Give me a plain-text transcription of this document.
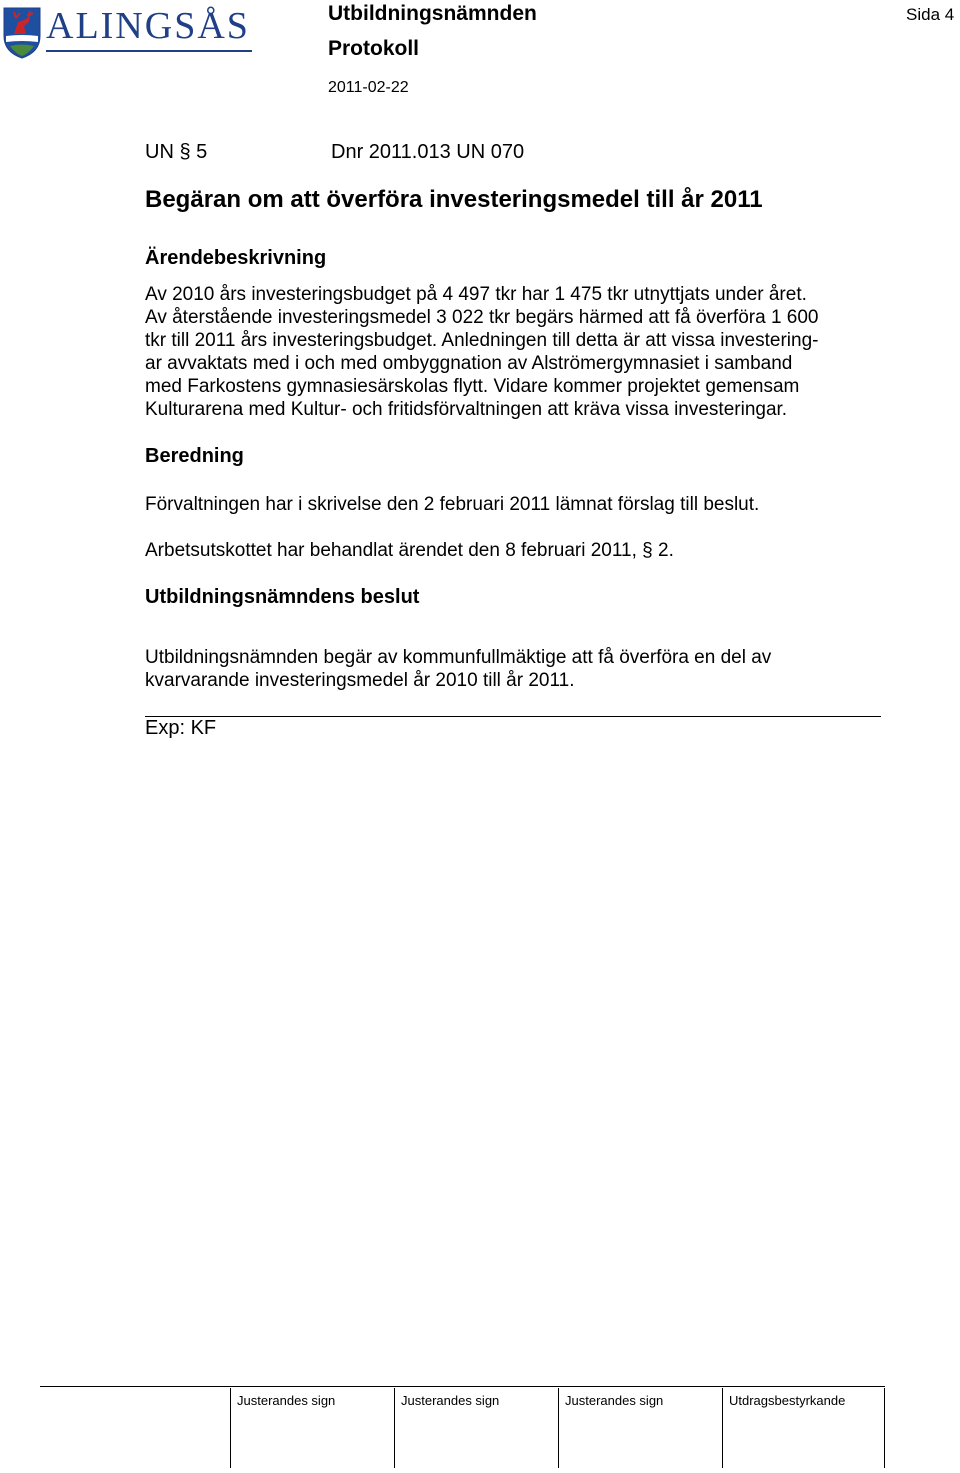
ALINGSÅS	Utbildningsnämnden
Protokoll
2011-02-22
Sida 4
UN § 5	Dnr 2011.013 UN 070
Begäran om att överföra investeringsmedel till år 2011
Ärendebeskrivning
Av 2010 års investeringsbudget på 4 497 tkr har 1 475 tkr utnyttjats under året.
Av återstående investeringsmedel 3 022 tkr begärs härmed att få överföra 1 600
tkr till 2011 års investeringsbudget. Anledningen till detta är att vissa investering-
ar avvaktats med i och med ombyggnation av Alströmergymnasiet i samband
med Farkostens gymnasiesärskolas flytt. Vidare kommer projektet gemensam
Kulturarena med Kultur- och fritidsförvaltningen att kräva vissa investeringar.
Beredning
Förvaltningen har i skrivelse den 2 februari 2011 lämnat förslag till beslut.
Arbetsutskottet har behandlat ärendet den 8 februari 2011, § 2.
Utbildningsnämndens beslut
Utbildningsnämnden begär av kommunfullmäktige att få överföra en del av
kvarvarande investeringsmedel år 2010 till år 2011.
Exp: KF
Justerandes sign	Justerandes sign	Justerandes sign	Utdragsbestyrkande
